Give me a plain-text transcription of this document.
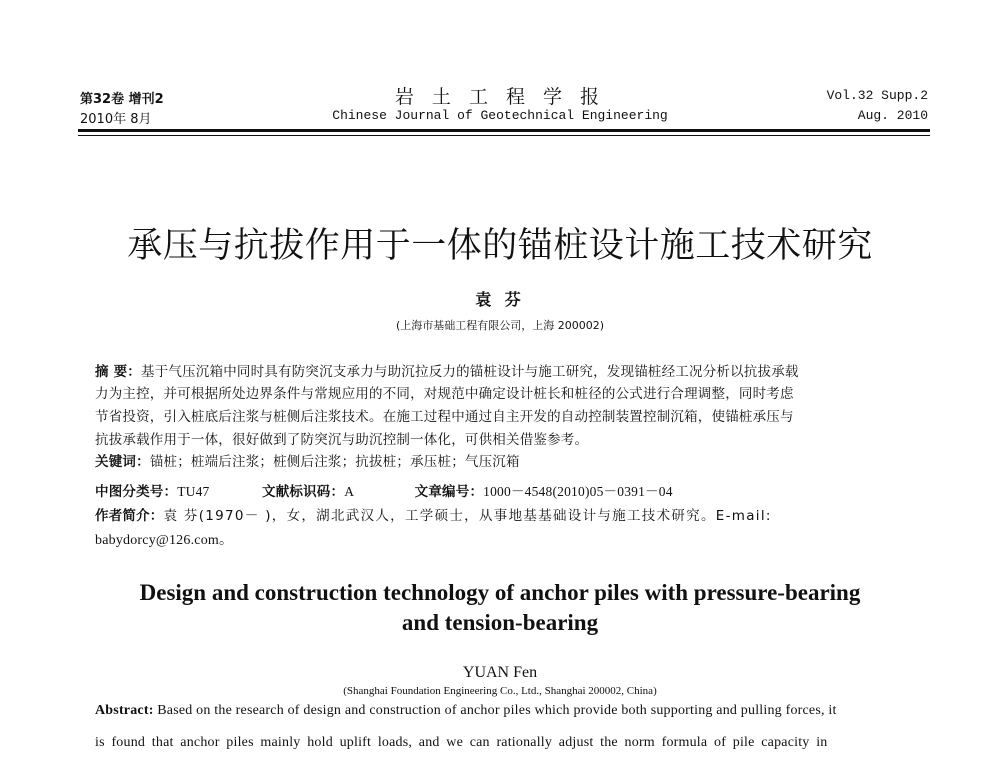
第32卷 增刊2
2010年 8月
岩 土 工 程 学 报
Chinese Journal of Geotechnical Engineering
Vol.32 Supp.2
Aug. 2010
承压与抗拔作用于一体的锚桩设计施工技术研究
袁 芬
(上海市基础工程有限公司，上海 200002)
摘 要：基于气压沉箱中同时具有防突沉支承力与助沉拉反力的锚桩设计与施工研究，发现锚桩经工况分析以抗拔承载
力为主控，并可根据所处边界条件与常规应用的不同，对规范中确定设计桩长和桩径的公式进行合理调整，同时考虑
节省投资，引入桩底后注浆与桩侧后注浆技术。在施工过程中通过自主开发的自动控制装置控制沉箱，使锚桩承压与
抗拔承载作用于一体，很好做到了防突沉与助沉控制一体化，可供相关借鉴参考。
关键词：锚桩；桩端后注浆；桩侧后注浆；抗拔桩；承压桩；气压沉箱
中图分类号：TU47	文献标识码：A	文章编号：1000－4548(2010)05－0391－04
作者简介：袁 芬(1970－ )，女，湖北武汉人，工学硕士，从事地基基础设计与施工技术研究。E-mail:
babydorcy@126.com。
Design and construction technology of anchor piles with pressure-bearing
and tension-bearing
YUAN Fen
(Shanghai Foundation Engineering Co., Ltd., Shanghai 200002, China)
Abstract: Based on the research of design and construction of anchor piles which provide both supporting and pulling forces, it
is found that anchor piles mainly hold uplift loads, and we can rationally adjust the norm formula of pile capacity in
